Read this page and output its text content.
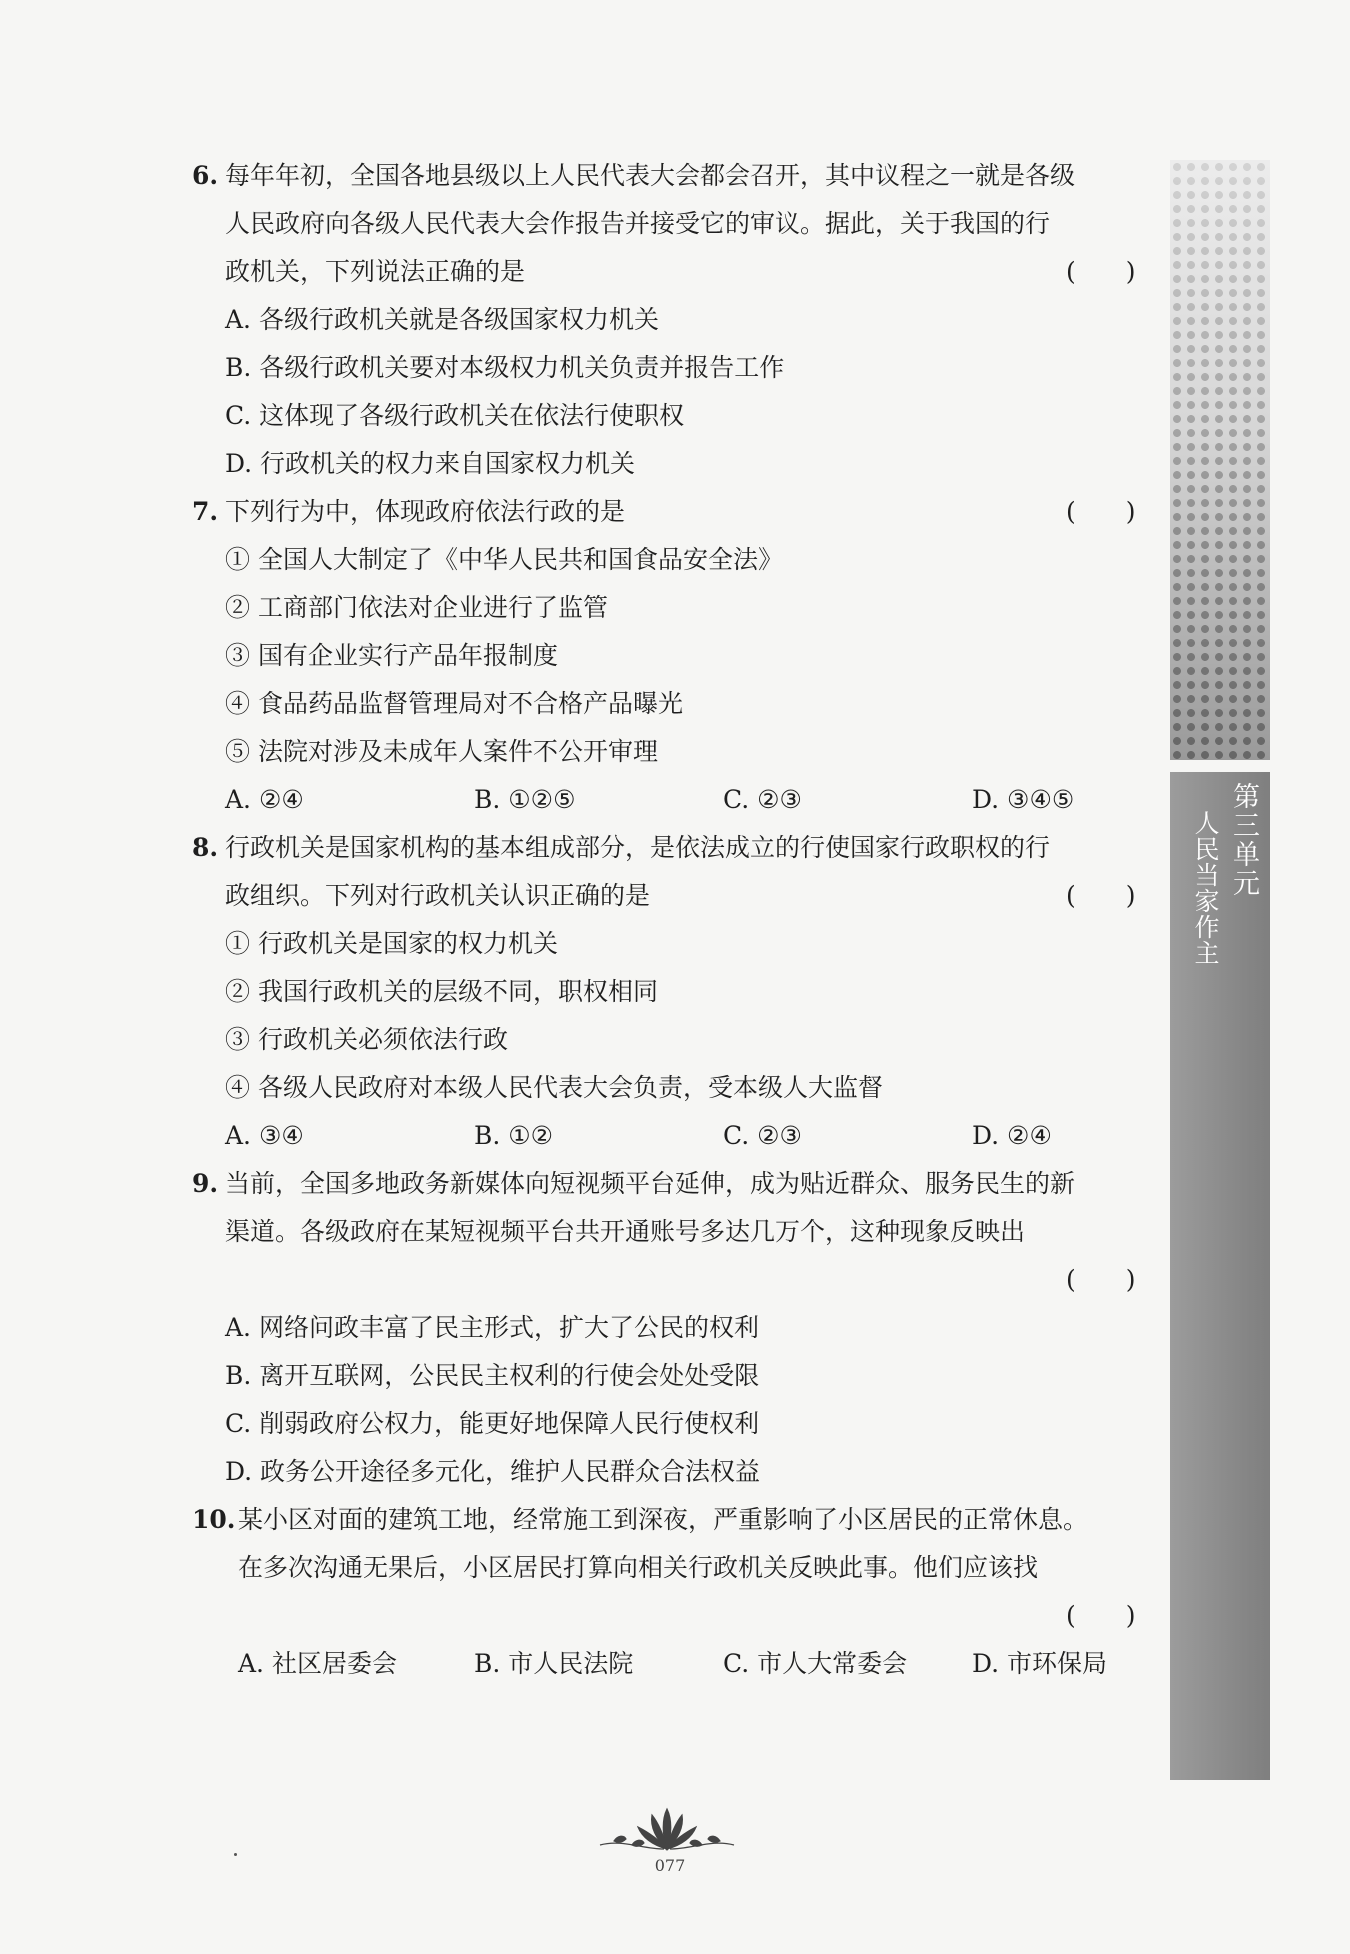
6. 每年年初，全国各地县级以上人民代表大会都会召开，其中议程之一就是各级
人民政府向各级人民代表大会作报告并接受它的审议。据此，关于我国的行
政机关，下列说法正确的是	(　　)
A. 各级行政机关就是各级国家权力机关
B. 各级行政机关要对本级权力机关负责并报告工作
C. 这体现了各级行政机关在依法行使职权
D. 行政机关的权力来自国家权力机关
7. 下列行为中，体现政府依法行政的是	(　　)
① 全国人大制定了《中华人民共和国食品安全法》
② 工商部门依法对企业进行了监管
③ 国有企业实行产品年报制度
④ 食品药品监督管理局对不合格产品曝光
⑤ 法院对涉及未成年人案件不公开审理
A. ②④	B. ①②⑤	C. ②③	D. ③④⑤
8. 行政机关是国家机构的基本组成部分，是依法成立的行使国家行政职权的行
政组织。下列对行政机关认识正确的是	(　　)
① 行政机关是国家的权力机关
② 我国行政机关的层级不同，职权相同
③ 行政机关必须依法行政
④ 各级人民政府对本级人民代表大会负责，受本级人大监督
A. ③④	B. ①②	C. ②③	D. ②④
9. 当前，全国多地政务新媒体向短视频平台延伸，成为贴近群众、服务民生的新
渠道。各级政府在某短视频平台共开通账号多达几万个，这种现象反映出
(　　)
A. 网络问政丰富了民主形式，扩大了公民的权利
B. 离开互联网，公民民主权利的行使会处处受限
C. 削弱政府公权力，能更好地保障人民行使权利
D. 政务公开途径多元化，维护人民群众合法权益
10. 某小区对面的建筑工地，经常施工到深夜，严重影响了小区居民的正常休息。
在多次沟通无果后，小区居民打算向相关行政机关反映此事。他们应该找
(　　)
A. 社区居委会	B. 市人民法院	C. 市人大常委会	D. 市环保局
第三单元
人民当家作主
077
